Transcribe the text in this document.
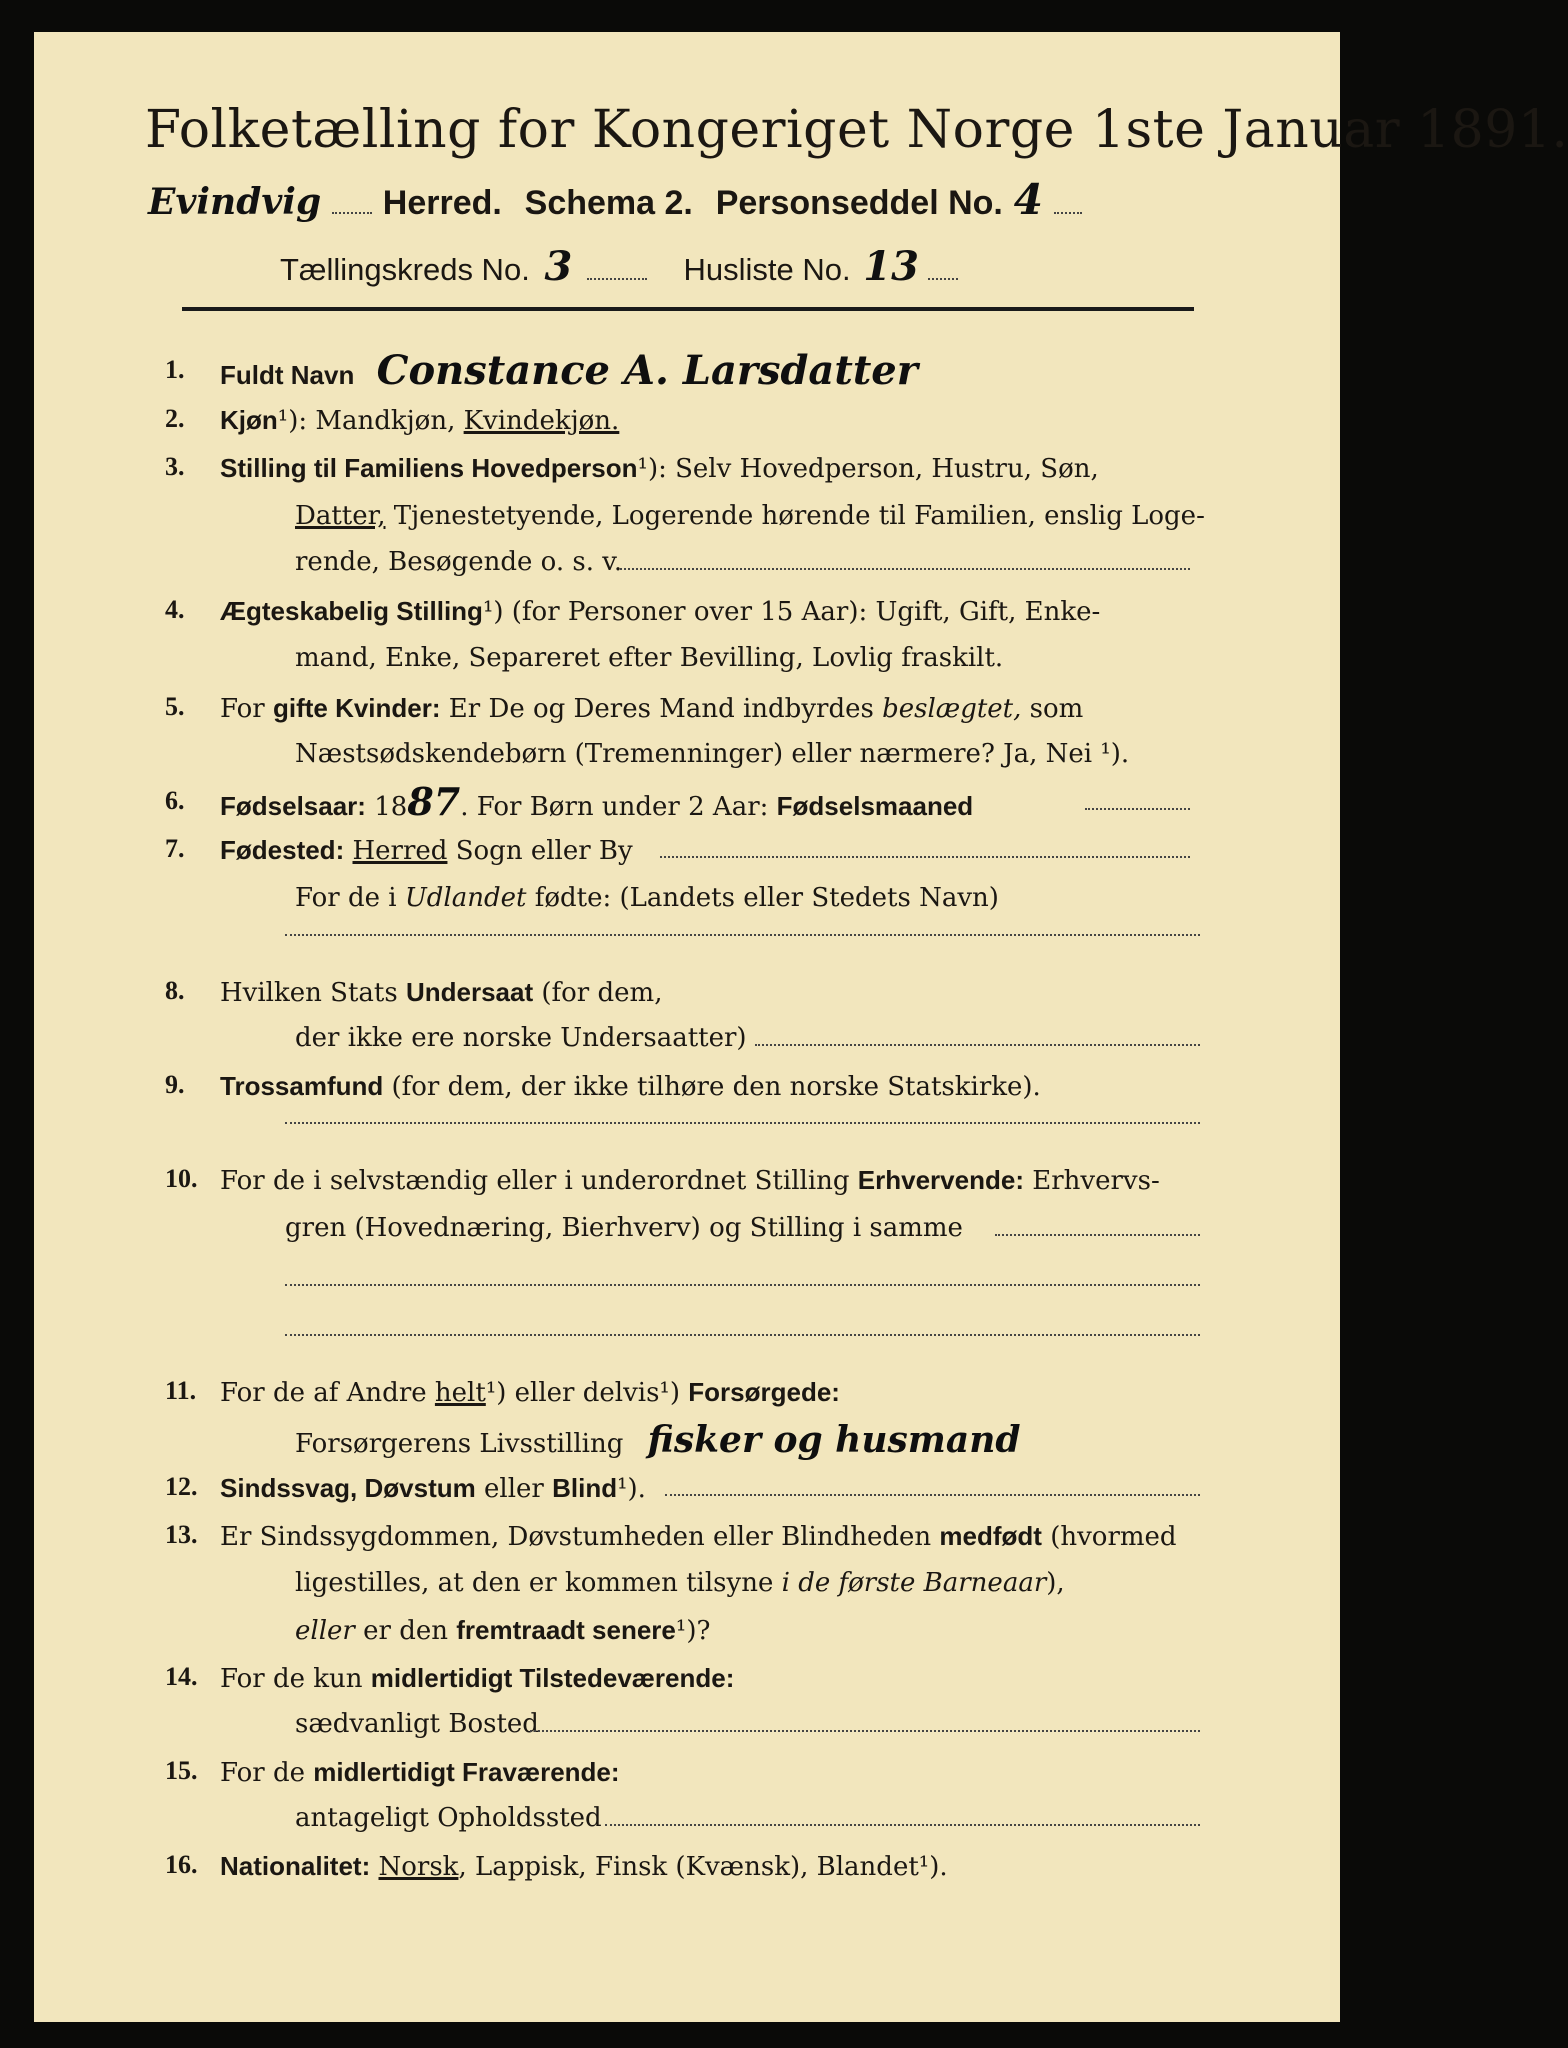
Folketælling for Kongeriget Norge 1ste Januar 1891.
Evindvig Herred. Schema 2. Personseddel No. 4
Tællingskreds No. 3	Husliste No. 13
1. Fuldt Navn Constance A. Larsdatter
2. Kjøn¹): Mandkjøn, Kvindekjøn.
3. Stilling til Familiens Hovedperson¹): Selv Hovedperson, Hustru, Søn,
Datter, Tjenestetyende, Logerende hørende til Familien, enslig Loge-
rende, Besøgende o. s. v.
4. Ægteskabelig Stilling¹) (for Personer over 15 Aar): Ugift, Gift, Enke-
mand, Enke, Separeret efter Bevilling, Lovlig fraskilt.
5. For gifte Kvinder: Er De og Deres Mand indbyrdes beslægtet, som
Næstsødskendebørn (Tremenninger) eller nærmere? Ja, Nei ¹).
6. Fødselsaar: 1887. For Børn under 2 Aar: Fødselsmaaned
7. Fødested: Herred Sogn eller By
For de i Udlandet fødte: (Landets eller Stedets Navn)
8. Hvilken Stats Undersaat (for dem,
der ikke ere norske Undersaatter)
9. Trossamfund (for dem, der ikke tilhøre den norske Statskirke).
10. For de i selvstændig eller i underordnet Stilling Erhvervende: Erhvervs-
gren (Hovednæring, Bierhverv) og Stilling i samme
11. For de af Andre helt¹) eller delvis¹) Forsørgede:
Forsørgerens Livsstilling fisker og husmand
12. Sindssvag, Døvstum eller Blind¹).
13. Er Sindssygdommen, Døvstumheden eller Blindheden medfødt (hvormed
ligestilles, at den er kommen tilsyne i de første Barneaar),
eller er den fremtraadt senere¹)?
14. For de kun midlertidigt Tilstedeværende:
sædvanligt Bosted
15. For de midlertidigt Fraværende:
antageligt Opholdssted
16. Nationalitet: Norsk, Lappisk, Finsk (Kvænsk), Blandet¹).
